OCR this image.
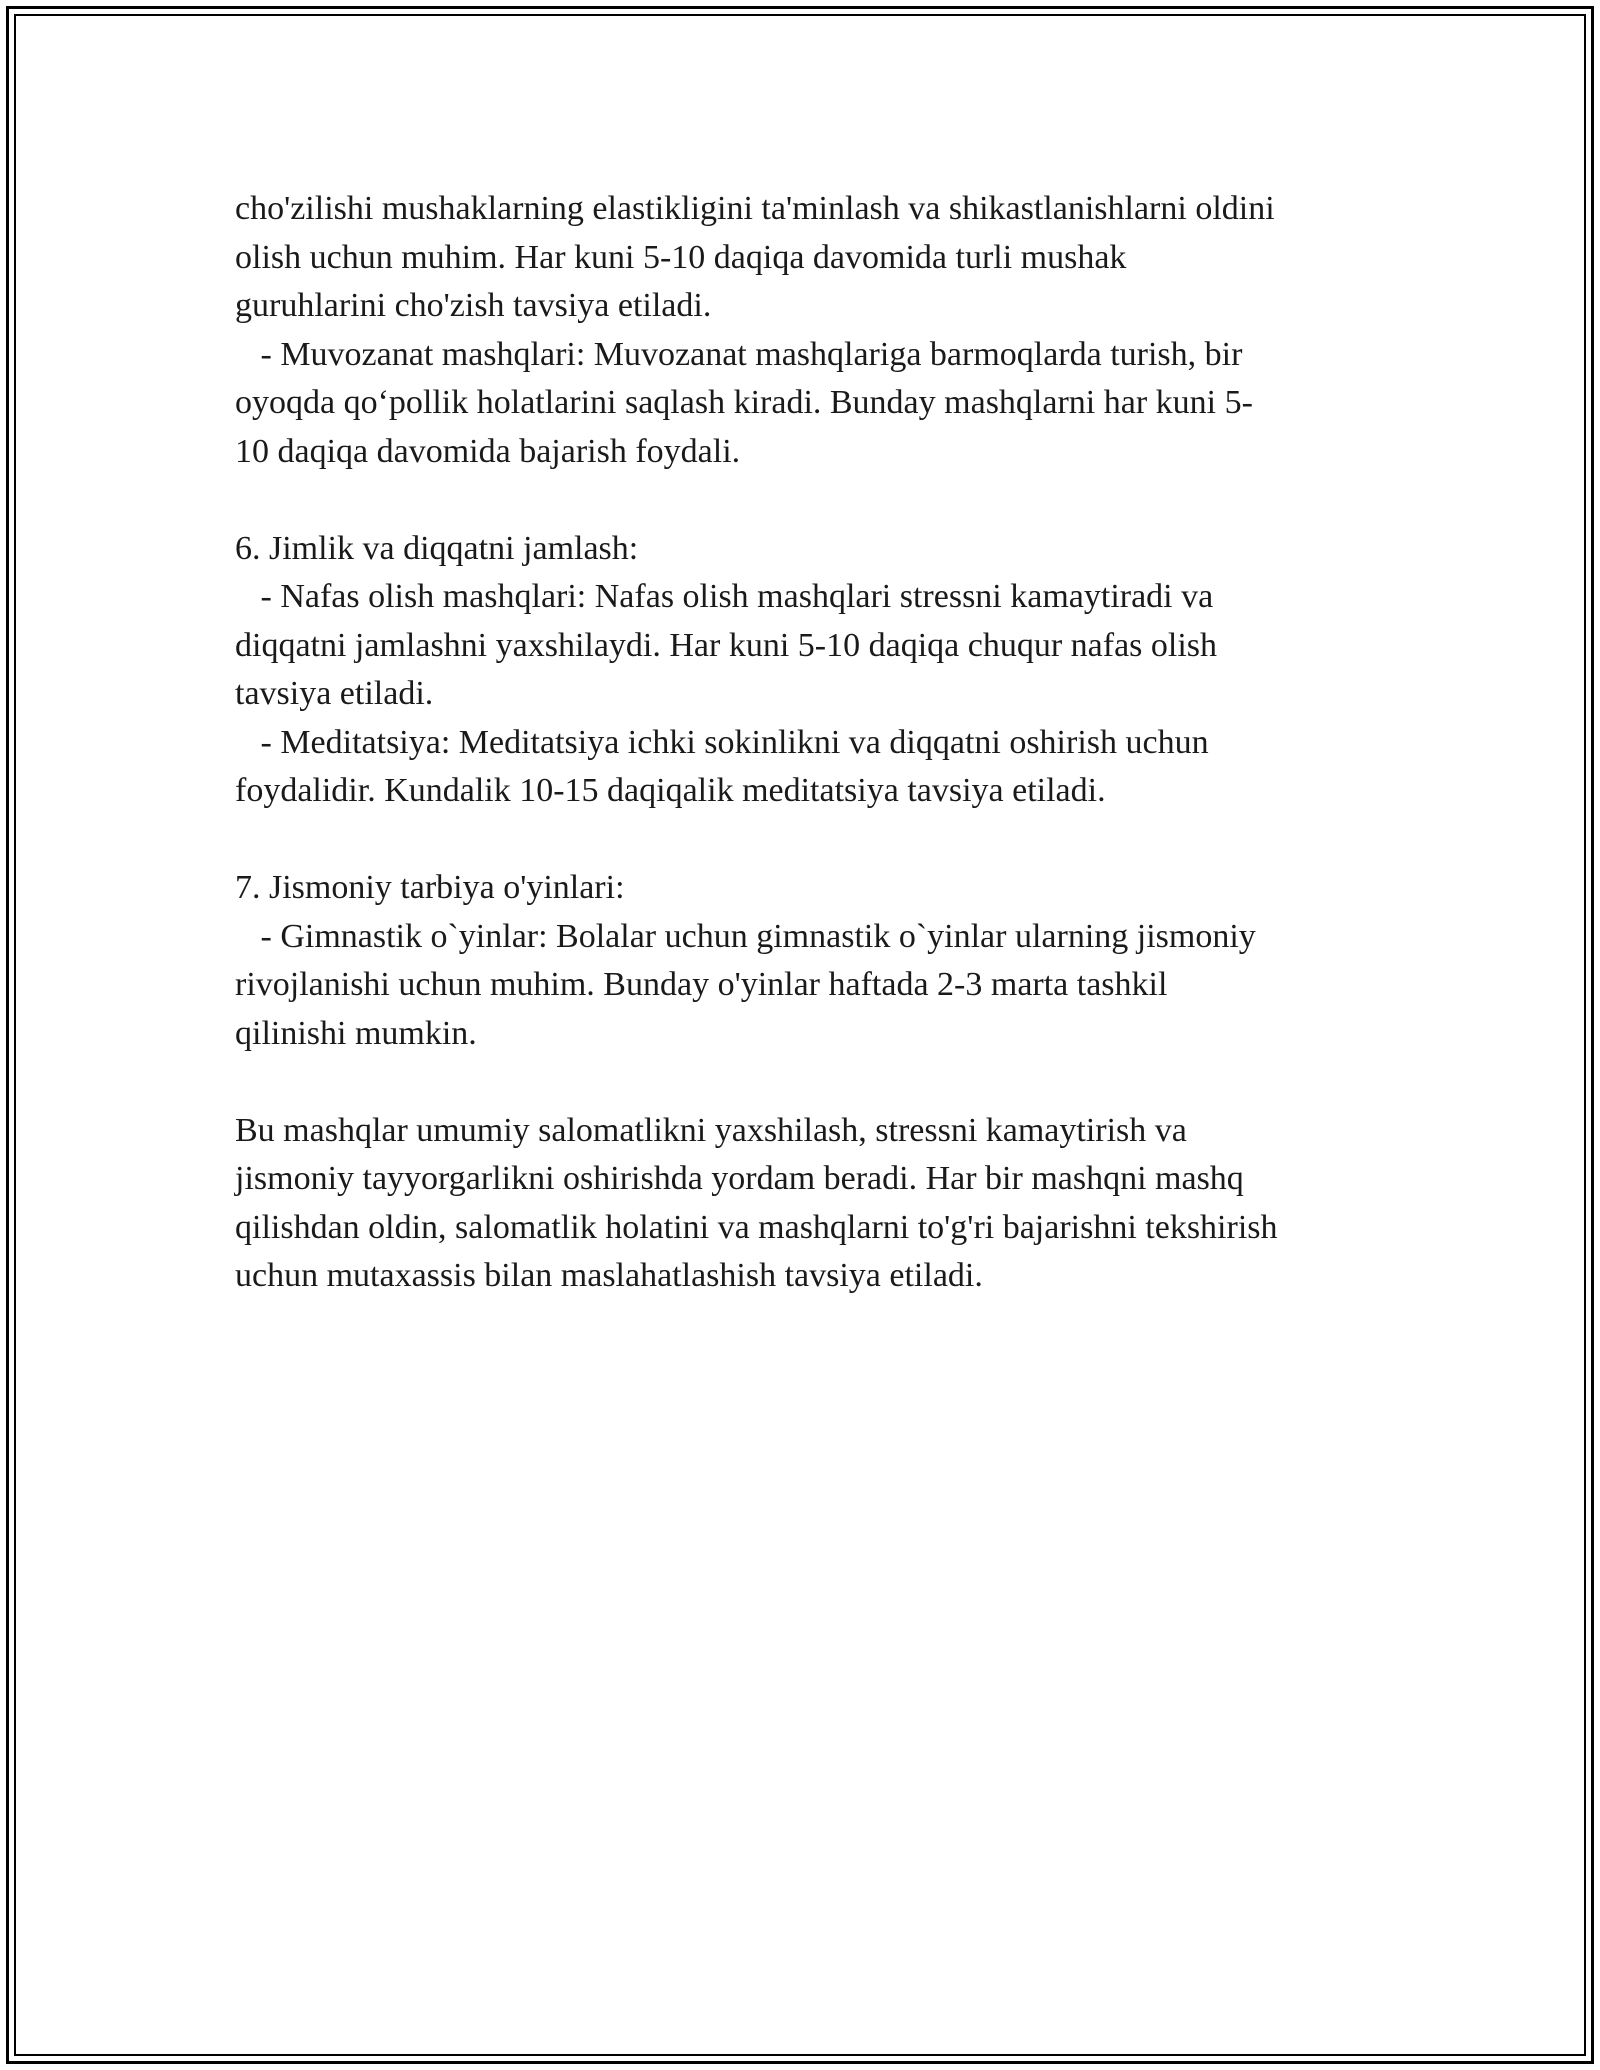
cho'zilishi mushaklarning elastikligini ta'minlash va shikastlanishlarni oldini
olish uchun muhim. Har kuni 5-10 daqiqa davomida turli mushak
guruhlarini cho'zish tavsiya etiladi.
- Muvozanat mashqlari: Muvozanat mashqlariga barmoqlarda turish, bir
oyoqda qo‘pollik holatlarini saqlash kiradi. Bunday mashqlarni har kuni 5-
10 daqiqa davomida bajarish foydali.
6. Jimlik va diqqatni jamlash:
- Nafas olish mashqlari: Nafas olish mashqlari stressni kamaytiradi va
diqqatni jamlashni yaxshilaydi. Har kuni 5-10 daqiqa chuqur nafas olish
tavsiya etiladi.
- Meditatsiya: Meditatsiya ichki sokinlikni va diqqatni oshirish uchun
foydalidir. Kundalik 10-15 daqiqalik meditatsiya tavsiya etiladi.
7. Jismoniy tarbiya o'yinlari:
- Gimnastik o`yinlar: Bolalar uchun gimnastik o`yinlar ularning jismoniy
rivojlanishi uchun muhim. Bunday o'yinlar haftada 2-3 marta tashkil
qilinishi mumkin.
Bu mashqlar umumiy salomatlikni yaxshilash, stressni kamaytirish va
jismoniy tayyorgarlikni oshirishda yordam beradi. Har bir mashqni mashq
qilishdan oldin, salomatlik holatini va mashqlarni to'g'ri bajarishni tekshirish
uchun mutaxassis bilan maslahatlashish tavsiya etiladi.
